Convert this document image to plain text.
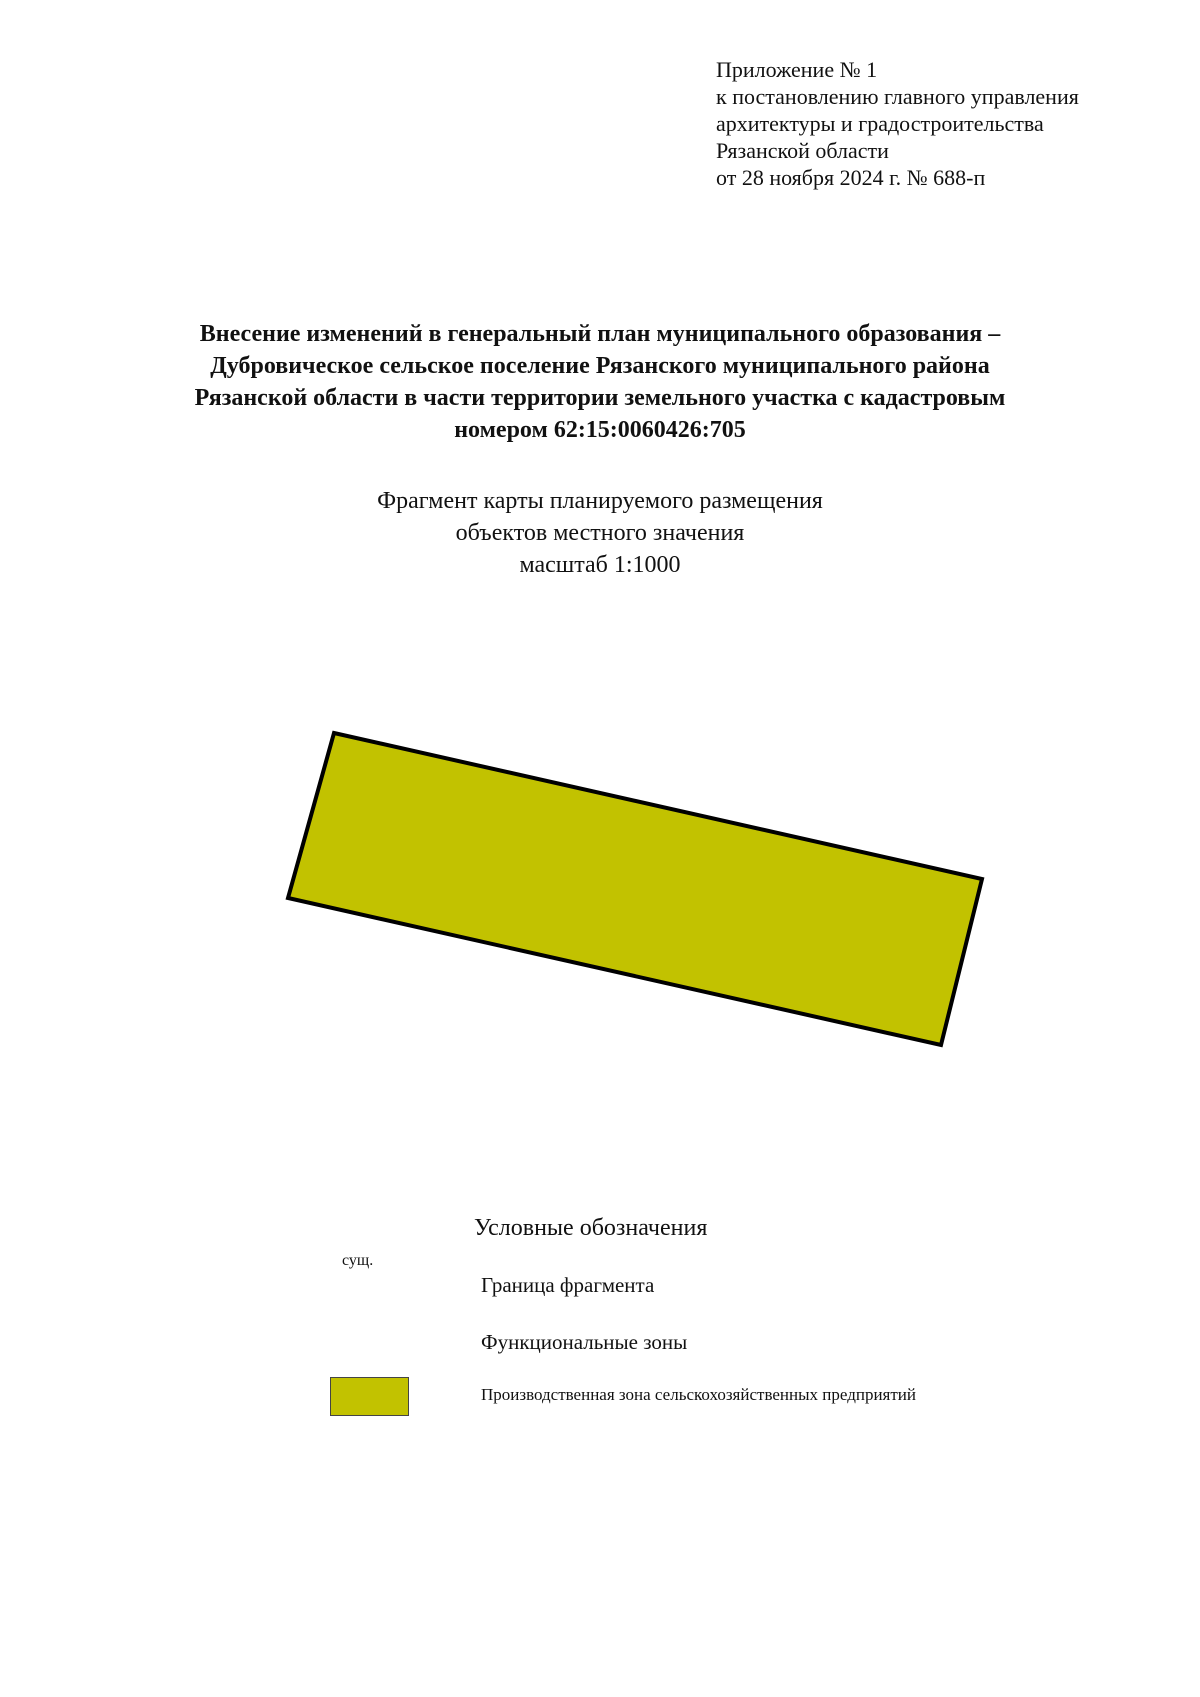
Приложение № 1
к постановлению главного управления
архитектуры и градостроительства
Рязанской области
от 28 ноября 2024 г. № 688-п
Внесение изменений в генеральный план муниципального образования –
Дубровическое сельское поселение Рязанского муниципального района
Рязанской области в части территории земельного участка с кадастровым
номером 62:15:0060426:705
Фрагмент карты планируемого размещения
объектов местного значения
масштаб 1:1000
Условные обозначения
сущ.
Граница фрагмента
Функциональные зоны
Производственная зона сельскохозяйственных предприятий
